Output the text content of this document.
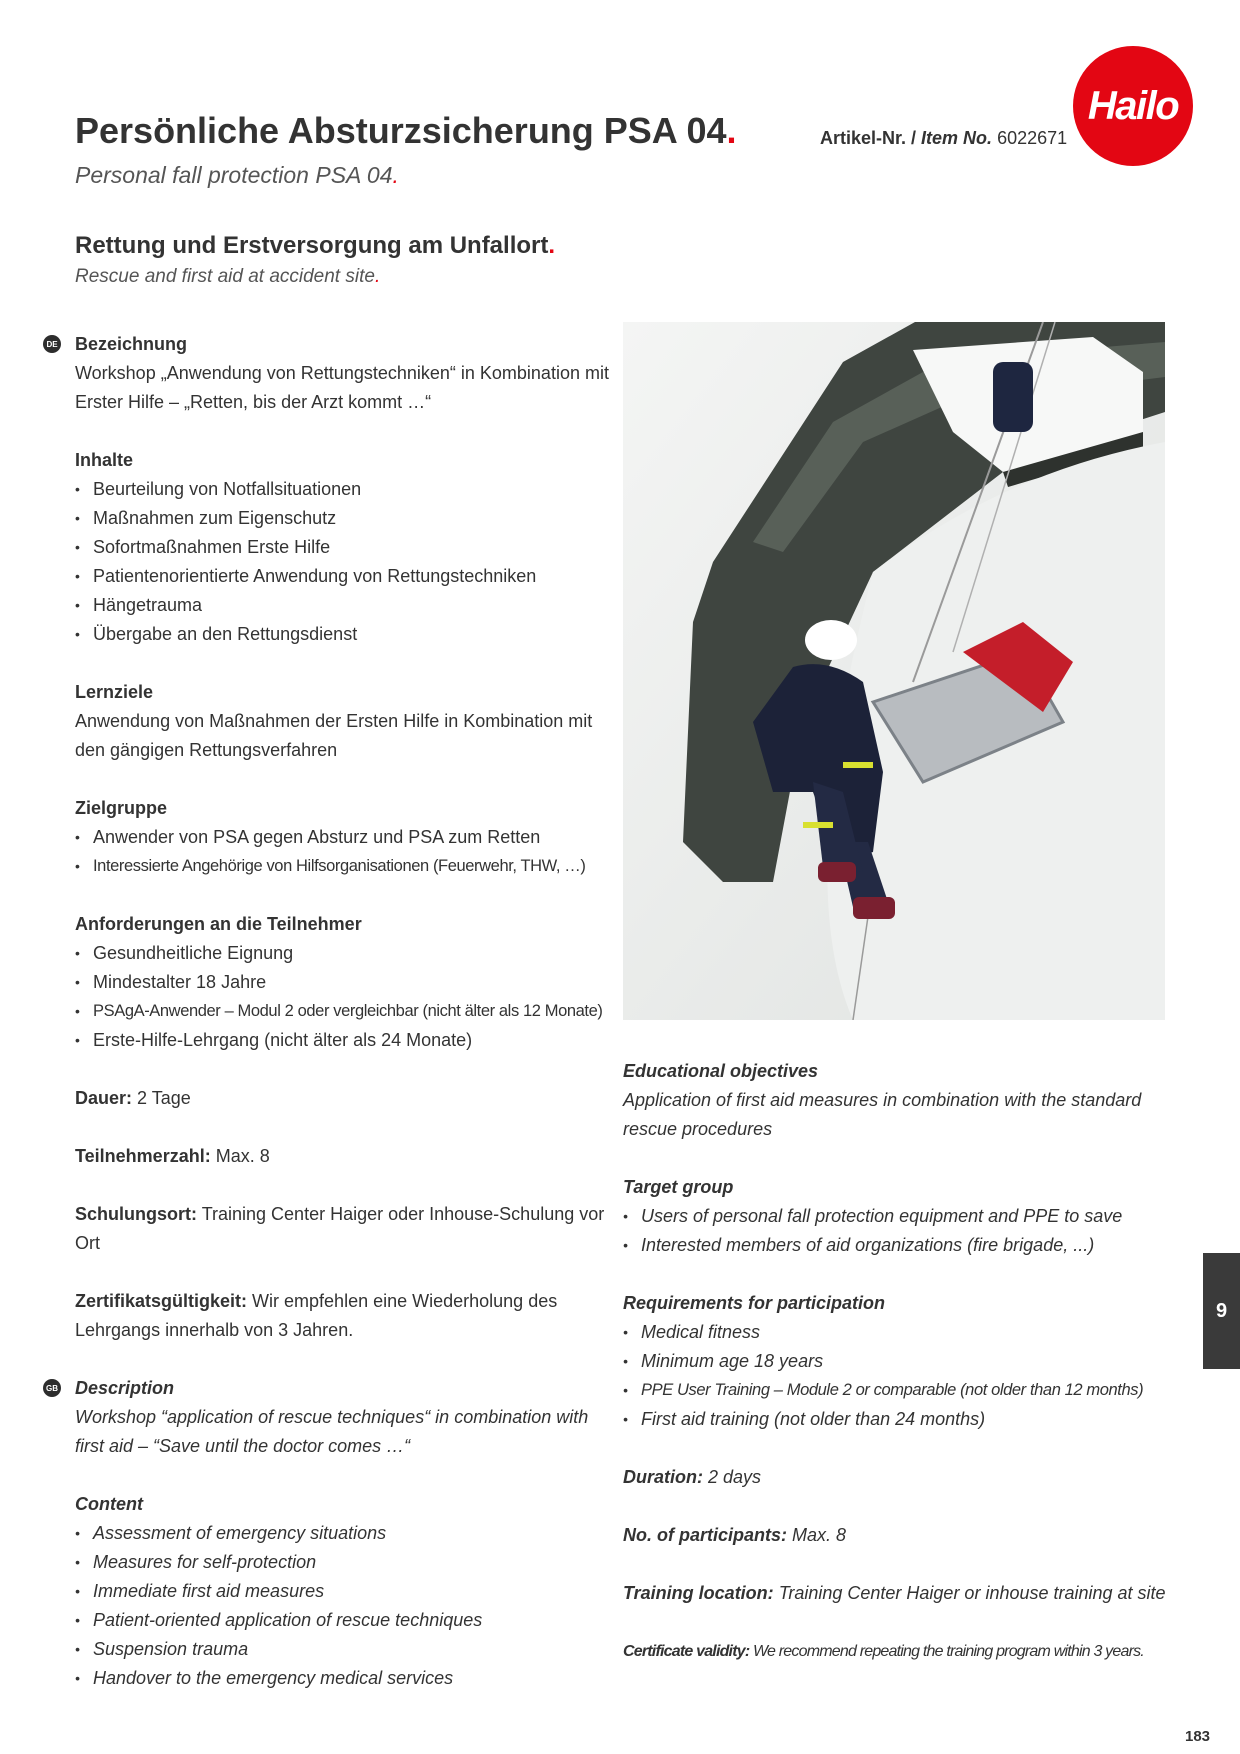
Hailo
Persönliche Absturzsicherung PSA 04.
Personal fall protection PSA 04.
Artikel-Nr. / Item No. 6022671
Rettung und Erstversorgung am Unfallort.
Rescue and first aid at accident site.
DE Bezeichnung

Workshop „Anwendung von Rettungstechniken“ in Kombination mit Erster Hilfe – „Retten, bis der Arzt kommt …“

Inhalte
• Beurteilung von Notfallsituationen
• Maßnahmen zum Eigenschutz
• Sofortmaßnahmen Erste Hilfe
• Patientenorientierte Anwendung von Rettungstechniken
• Hängetrauma
• Übergabe an den Rettungsdienst
Lernziele

Anwendung von Maßnahmen der Ersten Hilfe in Kombination mit den gängigen Rettungsverfahren

Zielgruppe
• Anwender von PSA gegen Absturz und PSA zum Retten
• Interessierte Angehörige von Hilfsorganisationen (Feuerwehr, THW, …)
Anforderungen an die Teilnehmer
• Gesundheitliche Eignung
• Mindestalter 18 Jahre
• PSAgA-Anwender – Modul 2 oder vergleichbar (nicht älter als 12 Monate)
• Erste-Hilfe-Lehrgang (nicht älter als 24 Monate)
Dauer: 2 Tage
Teilnehmerzahl: Max. 8
Schulungsort: Training Center Haiger oder Inhouse-Schulung vor Ort
Zertifikatsgültigkeit: Wir empfehlen eine Wiederholung des Lehrgangs innerhalb von 3 Jahren.
GB Description

Workshop “application of rescue techniques“ in combination with first aid – “Save until the doctor comes …“

Content
• Assessment of emergency situations
• Measures for self-protection
• Immediate first aid measures
• Patient-oriented application of rescue techniques
• Suspension trauma
• Handover to the emergency medical services
Educational objectives

Application of first aid measures in combination with the standard rescue procedures

Target group
• Users of personal fall protection equipment and PPE to save
• Interested members of aid organizations (fire brigade, ...)
Requirements for participation
• Medical fitness
• Minimum age 18 years
• PPE User Training – Module 2 or comparable (not older than 12 months)
• First aid training (not older than 24 months)
Duration: 2 days
No. of participants: Max. 8
Training location: Training Center Haiger or inhouse training at site
Certificate validity: We recommend repeating the training program within 3 years.
9
183
